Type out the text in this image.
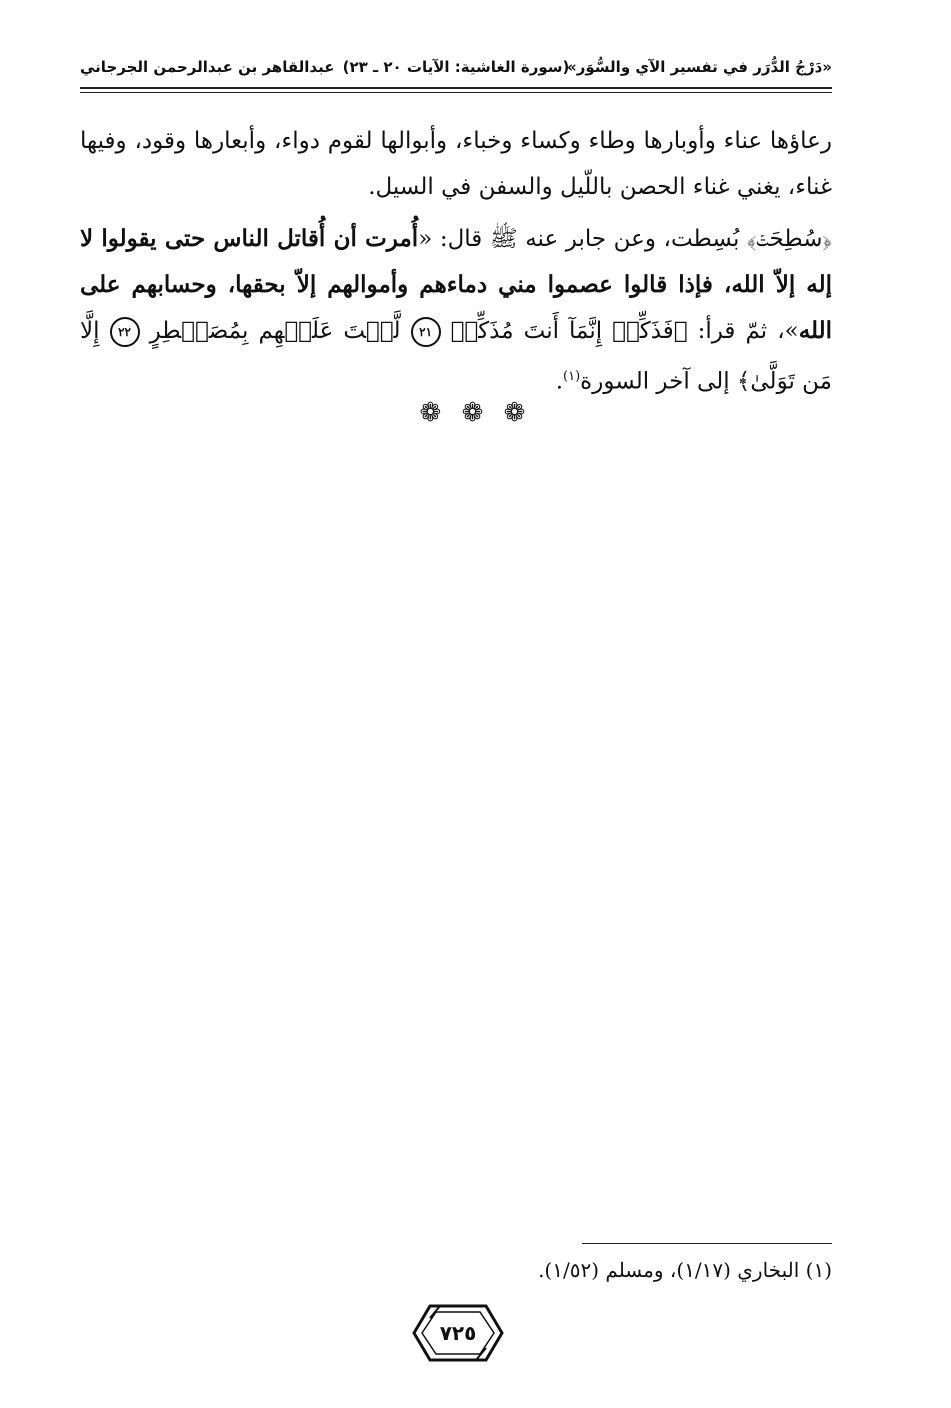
«دَرْجُ الدُّرَر في تفسير الآي والسُّوَر»
(سورة الغاشية: الآيات ٢٠ ـ ٢٣)
عبدالقاهر بن عبدالرحمن الجرجاني

رعاؤها عناء وأوبارها وطاء وكساء وخباء، وأبوالها لقوم دواء، وأبعارها وقود، وفيها غناء، يغني غناء الحصن باللّيل والسفن في السيل.

﴿سُطِحَتۡ﴾ بُسِطت، وعن جابر عنه ﷺ قال: «أُمرت أن أُقاتل الناس حتى يقولوا لا إله إلاّ الله، فإذا قالوا عصموا مني دماءهم وأموالهم إلاّ بحقها، وحسابهم على الله»، ثمّ قرأ: ﴿فَذَكِّرۡ إِنَّمَآ أَنتَ مُذَكِّرٞ ٢١ لَّسۡتَ عَلَيۡهِم بِمُصَيۡطِرٍ ٢٢ إِلَّا مَن تَوَلَّىٰ﴾ إلى آخر السورة$^{(١)}$.

❁ ❁ ❁
(١) البخاري (١/١٧)، ومسلم (١/٥٢).
٧٢٥
